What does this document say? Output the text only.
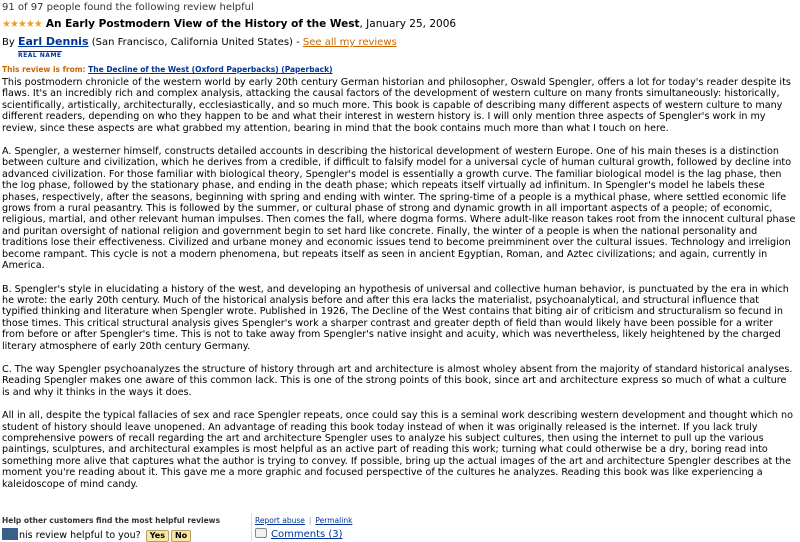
91 of 97 people found the following review helpful
★★★★★ An Early Postmodern View of the History of the West, January 25, 2006
By Earl Dennis (San Francisco, California United States) - See all my reviews
REAL NAME
This review is from: The Decline of the West (Oxford Paperbacks) (Paperback)

This postmodern chronicle of the western world by early 20th century German historian and philosopher, Oswald Spengler, offers a lot for today's reader despite its flaws. It's an incredibly rich and complex analysis, attacking the causal factors of the development of western culture on many fronts simultaneously: historically, scientifically, artistically, architecturally, ecclesiastically, and so much more. This book is capable of describing many different aspects of western culture to many different readers, depending on who they happen to be and what their interest in western history is. I will only mention three aspects of Spengler's work in my review, since these aspects are what grabbed my attention, bearing in mind that the book contains much more than what I touch on here.

A. Spengler, a westerner himself, constructs detailed accounts in describing the historical development of western Europe. One of his main theses is a distinction between culture and civilization, which he derives from a credible, if difficult to falsify model for a universal cycle of human cultural growth, followed by decline into advanced civilization. For those familiar with biological theory, Spengler's model is essentially a growth curve. The familiar biological model is the lag phase, then the log phase, followed by the stationary phase, and ending in the death phase; which repeats itself virtually ad infinitum. In Spengler's model he labels these phases, respectively, after the seasons, beginning with spring and ending with winter. The spring-time of a people is a mythical phase, where settled economic life grows from a rural peasantry. This is followed by the summer, or cultural phase of strong and dynamic growth in all important aspects of a people; of economic, religious, martial, and other relevant human impulses. Then comes the fall, where dogma forms. Where adult-like reason takes root from the innocent cultural phase and puritan oversight of national religion and government begin to set hard like concrete. Finally, the winter of a people is when the national personality and traditions lose their effectiveness. Civilized and urbane money and economic issues tend to become preimminent over the cultural issues. Technology and irreligion become rampant. This cycle is not a modern phenomena, but repeats itself as seen in ancient Egyptian, Roman, and Aztec civilizations; and again, currently in America.

B. Spengler's style in elucidating a history of the west, and developing an hypothesis of universal and collective human behavior, is punctuated by the era in which he wrote: the early 20th century. Much of the historical analysis before and after this era lacks the materialist, psychoanalytical, and structural influence that typified thinking and literature when Spengler wrote. Published in 1926, The Decline of the West contains that biting air of criticism and structuralism so fecund in those times. This critical structural analysis gives Spengler's work a sharper contrast and greater depth of field than would likely have been possible for a writer from before or after Spengler's time. This is not to take away from Spengler's native insight and acuity, which was nevertheless, likely heightened by the charged literary atmosphere of early 20th century Germany.

C. The way Spengler psychoanalyzes the structure of history through art and architecture is almost wholey absent from the majority of standard historical analyses. Reading Spengler makes one aware of this common lack. This is one of the strong points of this book, since art and architecture express so much of what a culture is and why it thinks in the ways it does.

All in all, despite the typical fallacies of sex and race Spengler repeats, once could say this is a seminal work describing western development and thought which no student of history should leave unopened. An advantage of reading this book today instead of when it was originally released is the internet. If you lack truly comprehensive powers of recall regarding the art and architecture Spengler uses to analyze his subject cultures, then using the internet to pull up the various paintings, sculptures, and architectural examples is most helpful as an active part of reading this work; turning what could otherwise be a dry, boring read into something more alive that captures what the author is trying to convey. If possible, bring up the actual images of the art and architecture Spengler describes at the moment you're reading about it. This gave me a more graphic and focused perspective of the cultures he analyzes. Reading this book was like experiencing a kaleidoscope of mind candy.

Help other customers find the most helpful reviews
nis review helpful to you? Yes No
Report abuse | Permalink
Comments (3)
